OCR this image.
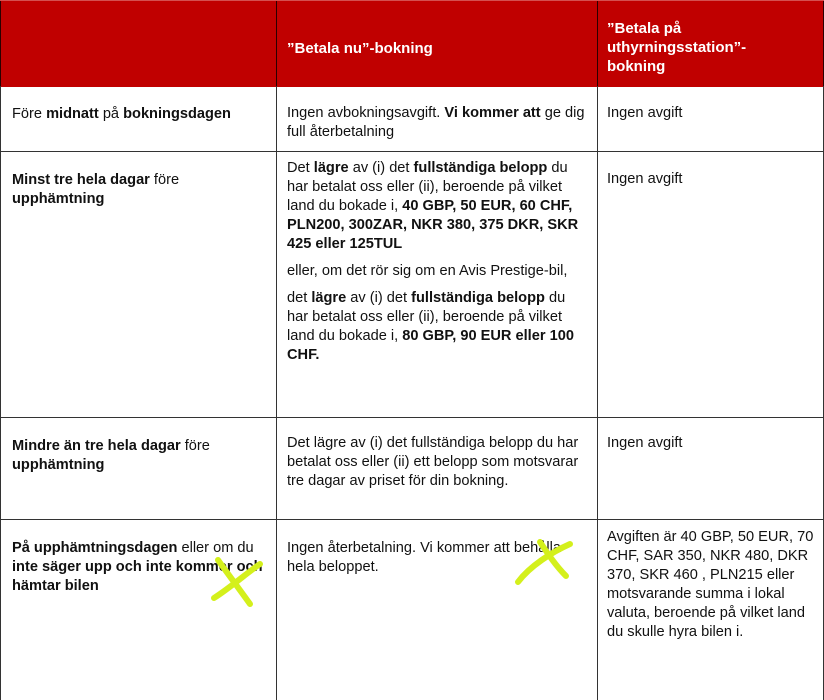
”Betala nu”-bokning
”Betala på
uthyrningsstation”-
bokning
Före midnatt på bokningsdagen	Ingen avbokningsavgift. Vi kommer att ge dig full återbetalning
Ingen avgift
Minst tre hela dagar före upphämtning

Det lägre av (i) det fullständiga belopp du har betalat oss eller (ii), beroende på vilket land du bokade i, 40 GBP, 50 EUR, 60 CHF, PLN200, 300ZAR, NKR 380, 375 DKR, SKR 425 eller 125TUL

eller, om det rör sig om en Avis Prestige-bil,

det lägre av (i) det fullständiga belopp du har betalat oss eller (ii), beroende på vilket land du bokade i, 80 GBP, 90 EUR eller 100 CHF.

Ingen avgift
Mindre än tre hela dagar före upphämtning
Det lägre av (i) det fullständiga belopp du har betalat oss eller (ii) ett belopp som motsvarar tre dagar av priset för din bokning.
Ingen avgift
På upphämtningsdagen eller om du inte säger upp och inte kommer och hämtar bilen
Ingen återbetalning. Vi kommer att behålla hela beloppet.
Avgiften är 40 GBP, 50 EUR, 70 CHF, SAR 350, NKR 480, DKR 370, SKR 460 , PLN215 eller motsvarande summa i lokal valuta, beroende på vilket land du skulle hyra bilen i.
